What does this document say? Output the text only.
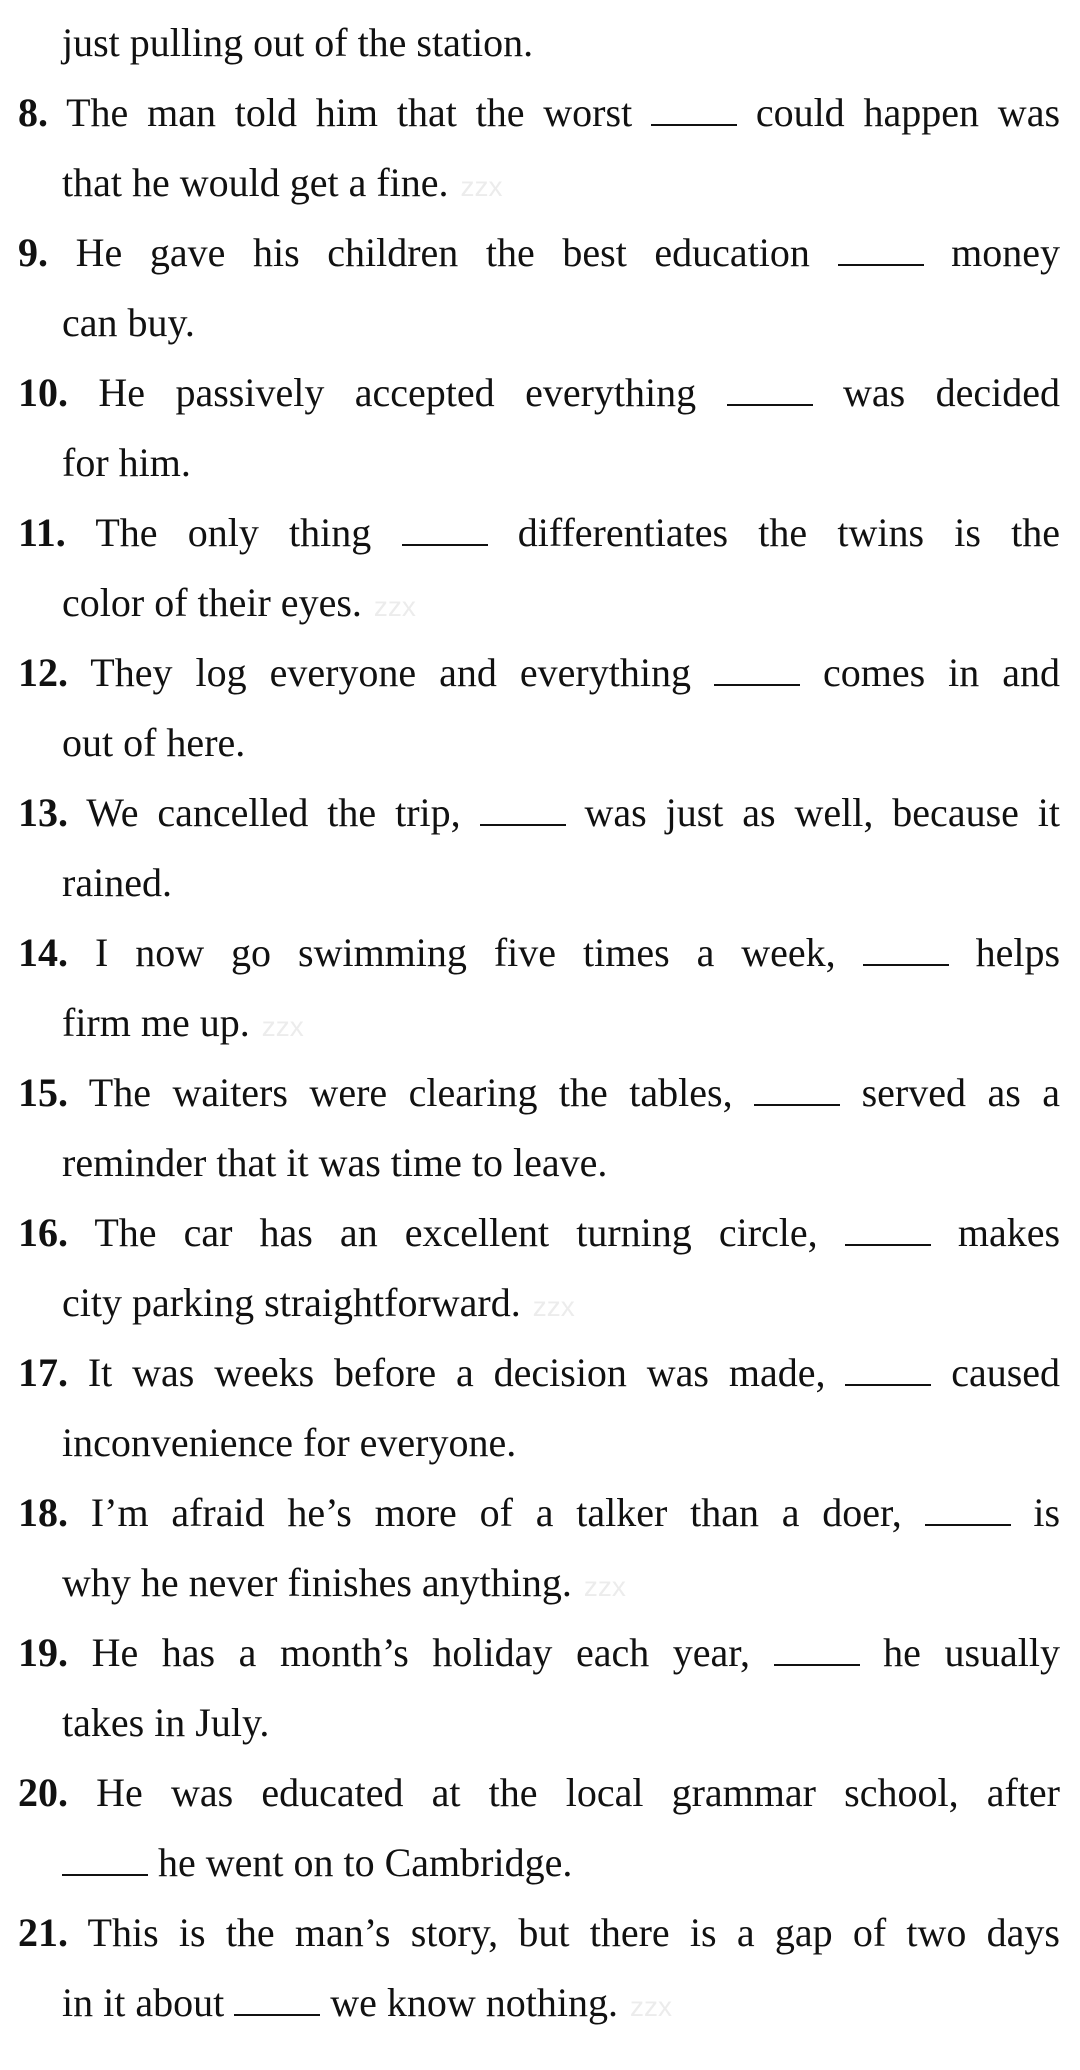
just pulling out of the station.
8. The man told him that the worst	could happen was
that he would get a fine. zzx
9. He gave his children the best education	money
can buy.
10. He passively accepted everything	was decided
for him.
11. The only thing	differentiates the twins is the
color of their eyes. zzx
12. They log everyone and everything	comes in and
out of here.
13. We cancelled the trip,	was just as well, because it
rained.
14. I now go swimming five times a week,	helps
firm me up. zzx
15. The waiters were clearing the tables,	served as a
reminder that it was time to leave.
16. The car has an excellent turning circle,	makes
city parking straightforward. zzx
17. It was weeks before a decision was made,	caused
inconvenience for everyone.
18. I’m afraid he’s more of a talker than a doer,	is
why he never finishes anything. zzx
19. He has a month’s holiday each year,	he usually
takes in July.
20. He was educated at the local grammar school, after
he went on to Cambridge.
21. This is the man’s story, but there is a gap of two days
in it about	we know nothing. zzx
